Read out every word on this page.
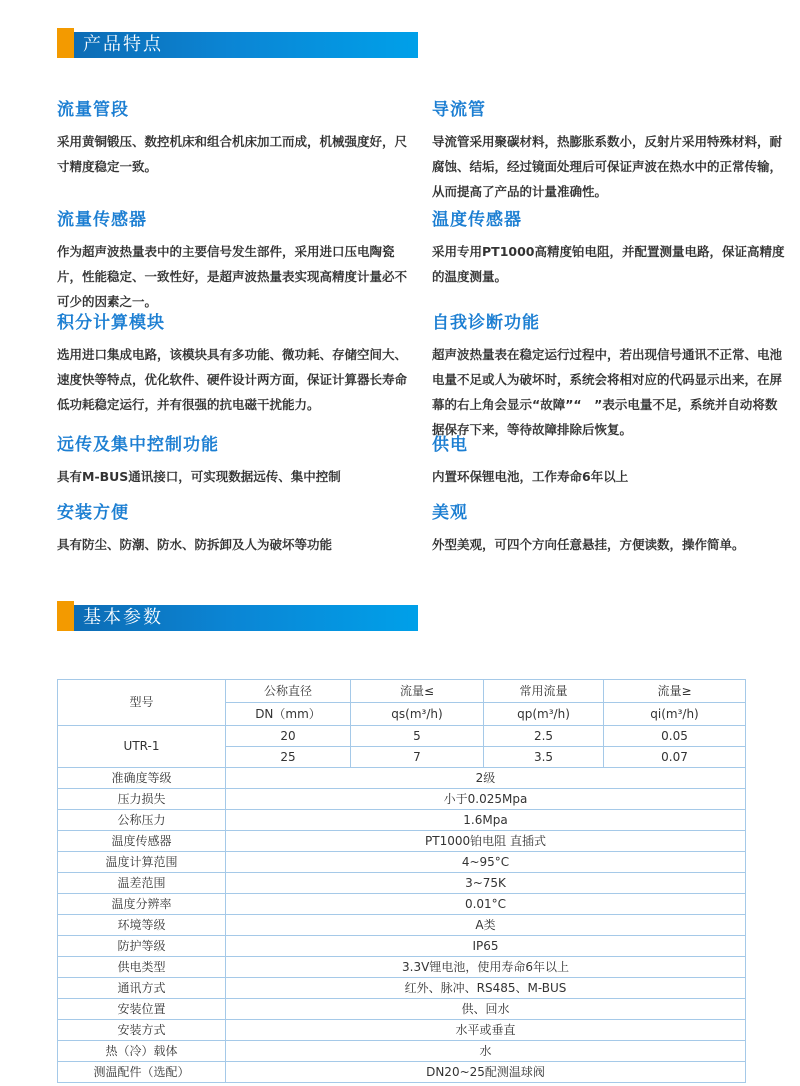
产品特点
流量管段

采用黄铜锻压、数控机床和组合机床加工而成，机械强度好，尺寸精度稳定一致。

导流管

导流管采用聚碳材料，热膨胀系数小，反射片采用特殊材料，耐腐蚀、结垢，经过镜面处理后可保证声波在热水中的正常传输，从而提高了产品的计量准确性。

流量传感器

作为超声波热量表中的主要信号发生部件，采用进口压电陶瓷片，性能稳定、一致性好，是超声波热量表实现高精度计量必不可少的因素之一。

温度传感器

采用专用PT1000高精度铂电阻，并配置测量电路，保证高精度的温度测量。

积分计算模块

选用进口集成电路，该模块具有多功能、微功耗、存储空间大、速度快等特点，优化软件、硬件设计两方面，保证计算器长寿命低功耗稳定运行，并有很强的抗电磁干扰能力。

自我诊断功能

超声波热量表在稳定运行过程中，若出现信号通讯不正常、电池电量不足或人为破坏时，系统会将相对应的代码显示出来，在屏幕的右上角会显示“故障”“　”表示电量不足，系统并自动将数据保存下来，等待故障排除后恢复。

远传及集中控制功能

具有M-BUS通讯接口，可实现数据远传、集中控制

供电

内置环保锂电池，工作寿命6年以上

安装方便

具有防尘、防潮、防水、防拆卸及人为破坏等功能

美观

外型美观，可四个方向任意悬挂，方便读数，操作简单。

基本参数
型号	公称直径	流量≤	常用流量	流量≥
	DN（mm）	qs(m³/h)	qp(m³/h)	qi(m³/h)
UTR-1	20	5	2.5	0.05
	25	7	3.5	0.07
准确度等级	2级			
压力损失	小于0.025Mpa			
公称压力	1.6Mpa			
温度传感器	PT1000铂电阻 直插式			
温度计算范围	4~95°C			
温差范围	3~75K			
温度分辨率	0.01°C			
环境等级	A类			
防护等级	IP65			
供电类型	3.3V锂电池，使用寿命6年以上			
通讯方式	红外、脉冲、RS485、M-BUS			
安装位置	供、回水			
安装方式	水平或垂直			
热（冷）载体	水			
测温配件（选配）	DN20~25配测温球阀			
